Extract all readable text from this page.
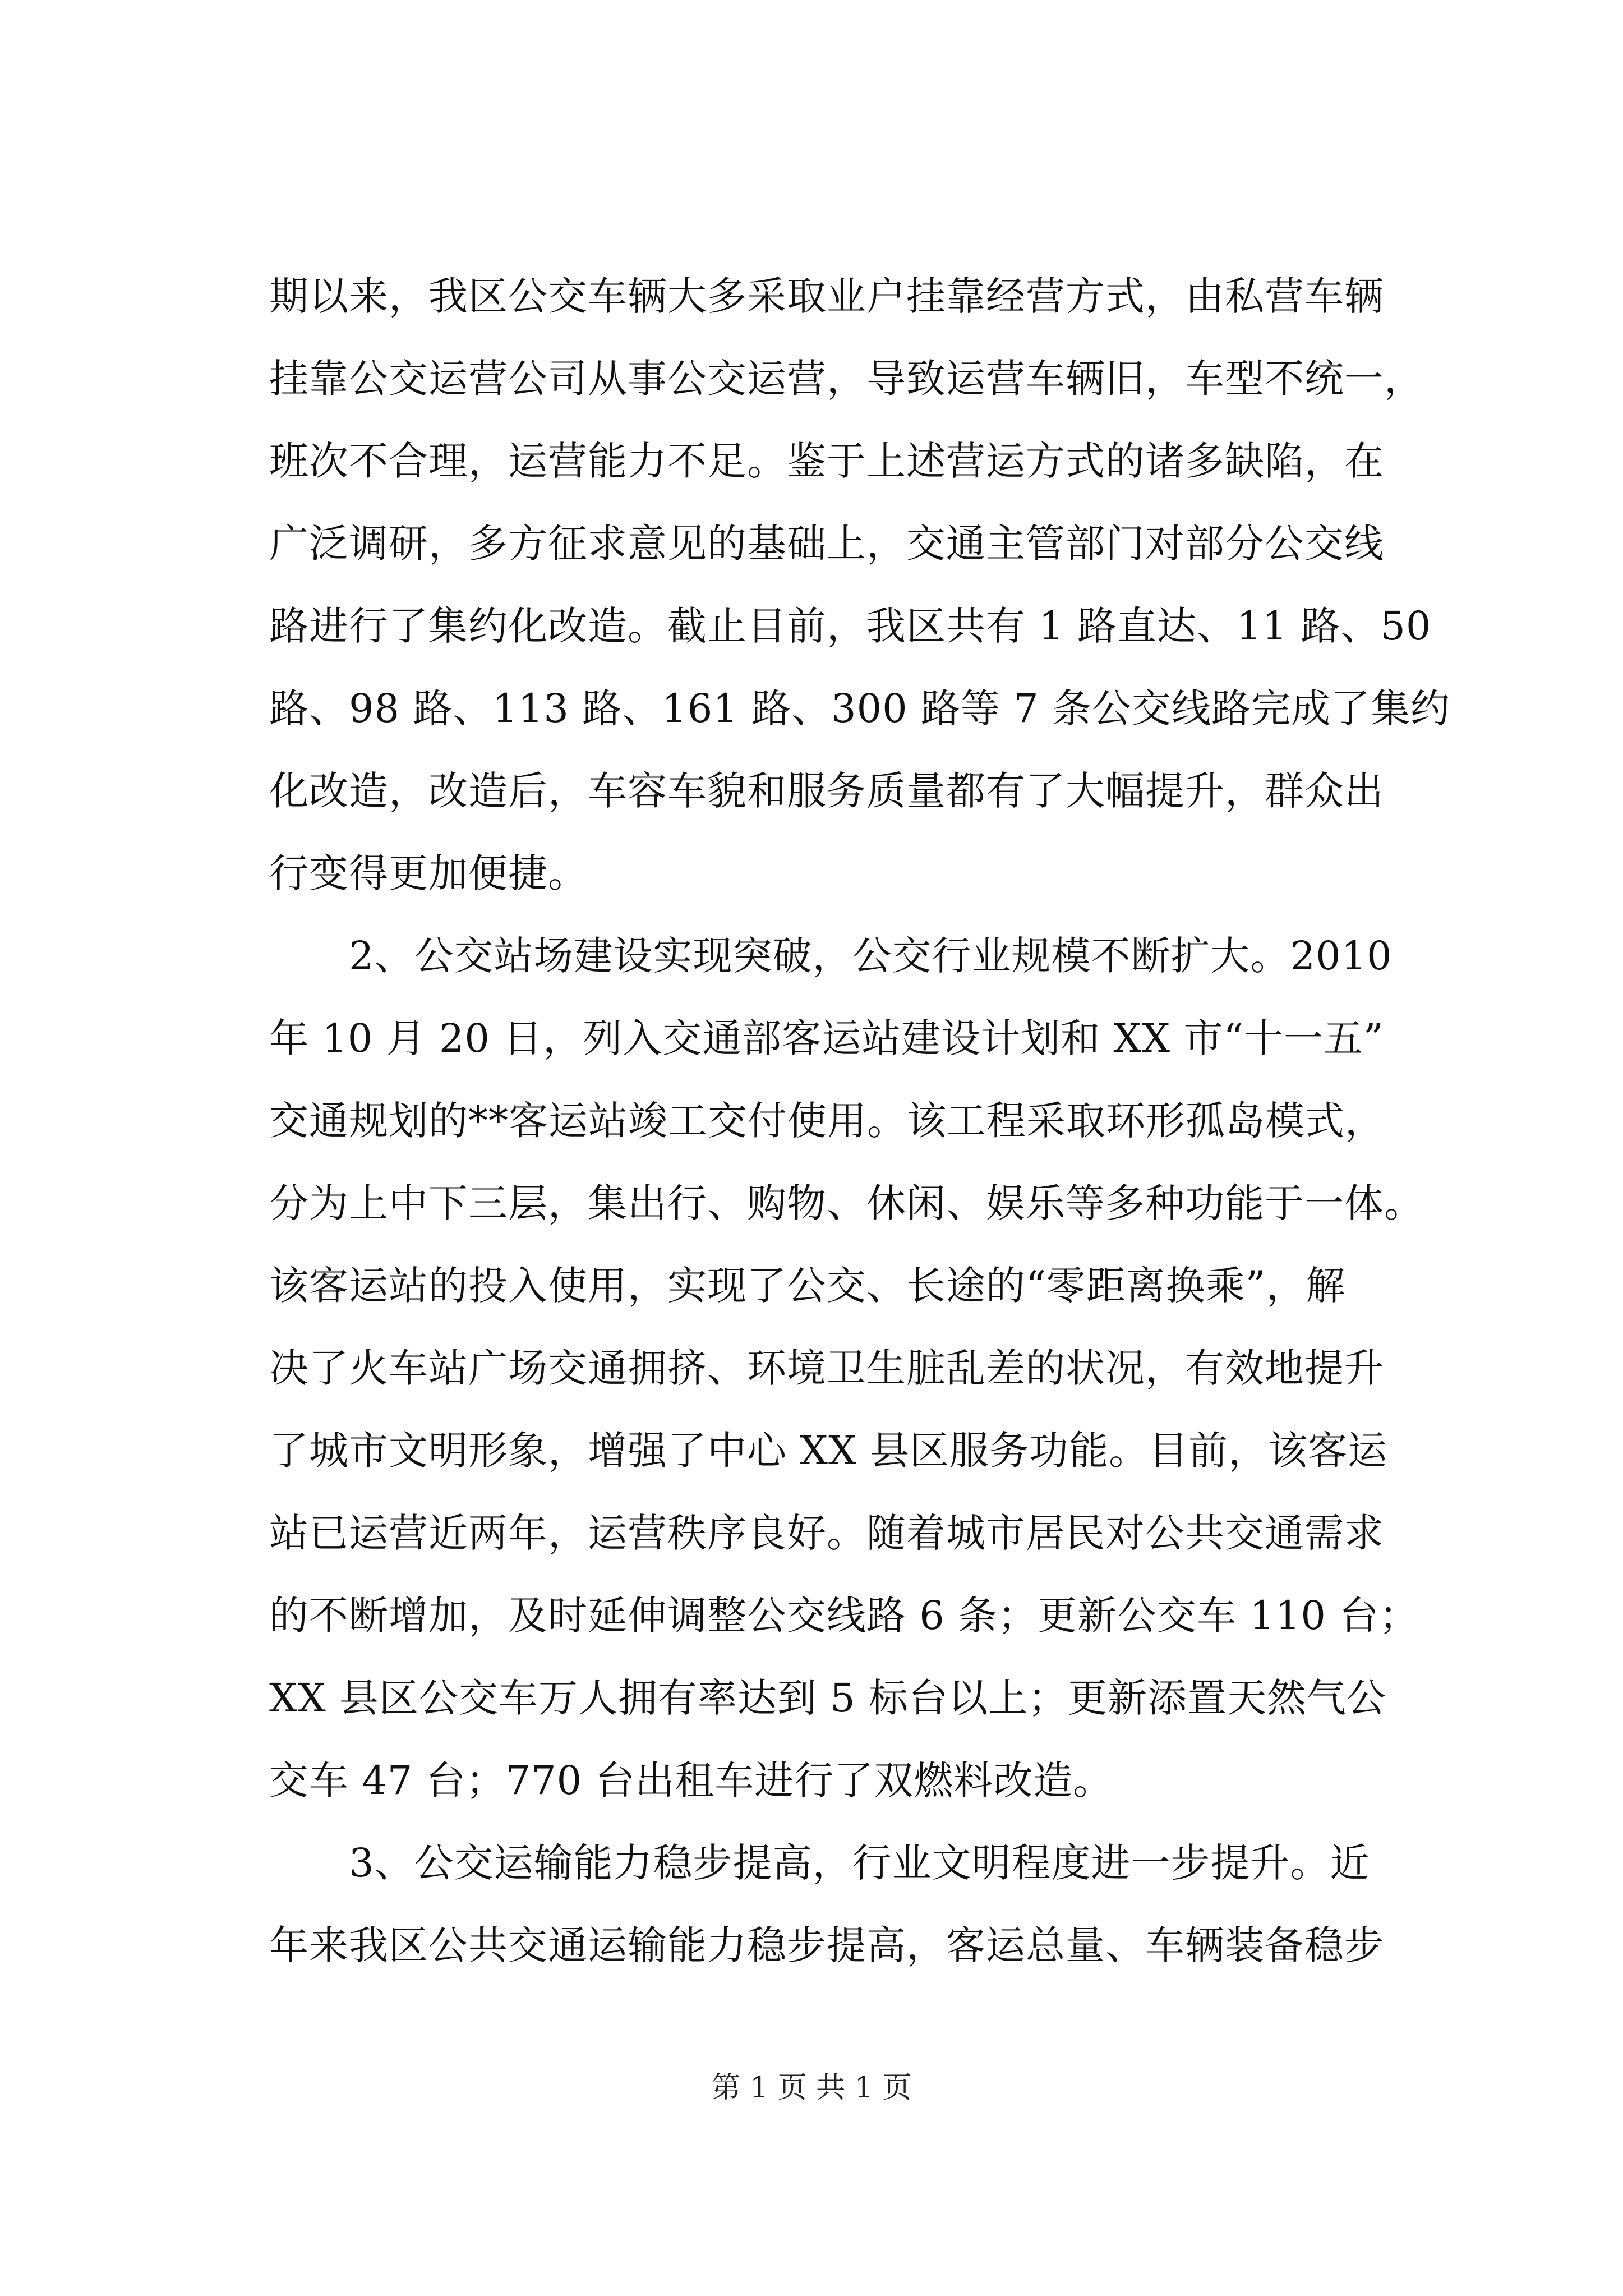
期以来，我区公交车辆大多采取业户挂靠经营方式，由私营车辆
挂靠公交运营公司从事公交运营，导致运营车辆旧，车型不统一，
班次不合理，运营能力不足。鉴于上述营运方式的诸多缺陷，在
广泛调研，多方征求意见的基础上，交通主管部门对部分公交线
路进行了集约化改造。截止目前，我区共有 1 路直达、11 路、50
路、98 路、113 路、161 路、300 路等 7 条公交线路完成了集约
化改造，改造后，车容车貌和服务质量都有了大幅提升，群众出
行变得更加便捷。
　　2、公交站场建设实现突破，公交行业规模不断扩大。2010
年 10 月 20 日，列入交通部客运站建设计划和 XX 市“十一五”
交通规划的**客运站竣工交付使用。该工程采取环形孤岛模式，
分为上中下三层，集出行、购物、休闲、娱乐等多种功能于一体。
该客运站的投入使用，实现了公交、长途的“零距离换乘”，解
决了火车站广场交通拥挤、环境卫生脏乱差的状况，有效地提升
了城市文明形象，增强了中心 XX 县区服务功能。目前，该客运
站已运营近两年，运营秩序良好。随着城市居民对公共交通需求
的不断增加，及时延伸调整公交线路 6 条；更新公交车 110 台；
XX 县区公交车万人拥有率达到 5 标台以上；更新添置天然气公
交车 47 台；770 台出租车进行了双燃料改造。
　　3、公交运输能力稳步提高，行业文明程度进一步提升。近
年来我区公共交通运输能力稳步提高，客运总量、车辆装备稳步
第 1 页 共 1 页
